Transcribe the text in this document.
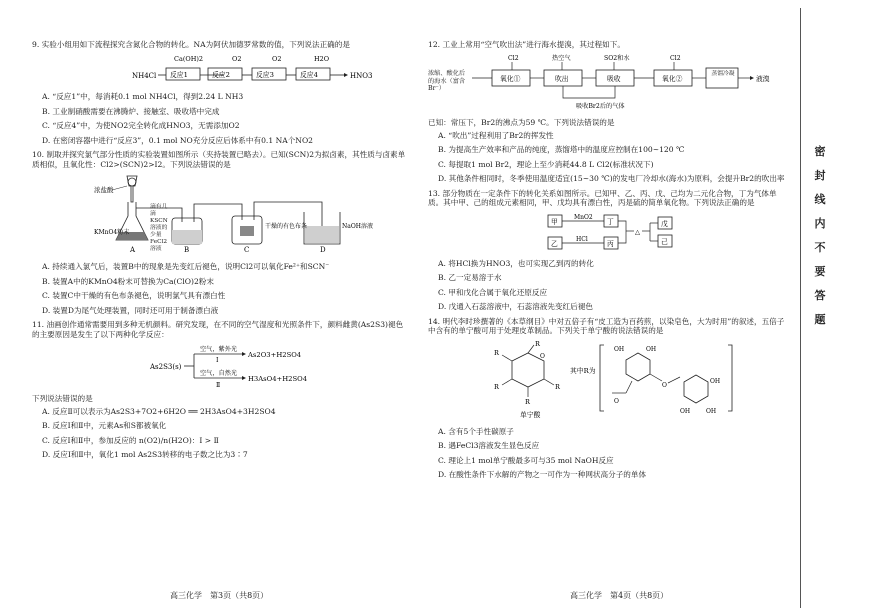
9. 实验小组用如下流程探究含氮化合物的转化。NA为阿伏加德罗常数的值，下列说法正确的是
Ca(OH)2	O2	O2	H2O
NH4Cl 反应1	反应2	反应3	反应4	HNO3
A. “反应1”中，每消耗0.1 mol NH4Cl，得到2.24 L NH3
B. 工业制硝酸需要在沸腾炉、接触室、吸收塔中完成
C. “反应4”中，为使NO2完全转化成HNO3，无需添加O2
D. 在密闭容器中进行“反应3”，0.1 mol NO充分反应后体系中有0.1 NA个NO2
10. 制取并探究氯气部分性质的实验装置如图所示（夹持装置已略去）。已知(SCN)2为拟卤素，其性质与卤素单质相似，且氧化性：Cl2>(SCN)2>I2。下列说法错误的是
浓盐酸
KMnO4粉末
A	B	C	D
NaOH溶液
干燥的有色布条
滴有几滴KSCN溶液的少量FeCl2溶液
A. 持续通入氯气后，装置B中的现象是先变红后褪色，说明Cl2可以氧化Fe²⁺和SCN⁻
B. 装置A中的KMnO4粉末可替换为Ca(ClO)2粉末
C. 装置C中干燥的有色布条褪色，说明氯气具有漂白性
D. 装置D为尾气处理装置，同时还可用于制备漂白液
11. 油画创作通常需要用到多种无机颜料。研究发现，在不同的空气湿度和光照条件下，颜料雌黄(As2S3)褪色的主要原因是发生了以下两种化学反应：
As2S3(s)
空气，紫外光
Ⅰ
As2O3+H2SO4
空气，自然光
Ⅱ
H3AsO4+H2SO4
下列说法错误的是
A. 反应Ⅱ可以表示为As2S3+7O2+6H2O ══ 2H3AsO4+3H2SO4
B. 反应Ⅰ和Ⅱ中，元素As和S都被氧化
C. 反应Ⅰ和Ⅱ中，参加反应的 n(O2)/n(H2O)：Ⅰ > Ⅱ
D. 反应Ⅰ和Ⅱ中，氧化1 mol As2S3转移的电子数之比为3∶7
12. 工业上常用“空气吹出法”进行海水提溴，其过程如下。
浓缩、酸化后的海水（富含Br⁻）
Cl2	热空气	SO2和水	Cl2
氧化①	吹出	吸收	氧化②	液溴
吸收Br2后的气体
蒸馏冷凝
已知：常压下，Br2的沸点为59 ℃。下列说法错误的是
A. “吹出”过程利用了Br2的挥发性
B. 为提高生产效率和产品的纯度，蒸馏塔中的温度应控制在100~120 ℃
C. 每提取1 mol Br2，理论上至少消耗44.8 L Cl2(标准状况下)
D. 其他条件相同时，冬季使用温度适宜(15~30 ℃)的发电厂冷却水(海水)为原料，会提升Br2的吹出率
13. 部分物质在一定条件下的转化关系如图所示。已知甲、乙、丙、戊、己均为二元化合物，丁为气体单质。其中甲、己的组成元素相同，甲、戊均具有漂白性，丙是硫的简单氧化物。下列说法正确的是
甲
乙
MnO2
HCl
丁
丙
△
戊
己
A. 将HCl换为HNO3，也可实现乙到丙的转化
B. 乙一定易溶于水
C. 甲和戊化合属于氧化还原反应
D. 戊通入石蕊溶液中，石蕊溶液先变红后褪色
14. 明代李时珍撰著的《本草纲目》中对五倍子有“皮工造为百药煎，以染皂色，大为时用”的叙述，五倍子中含有的单宁酸可用于处理皮革制品。下列关于单宁酸的说法错误的是
O
R
R
R
R
R
单宁酸
其中R为
OH	OH
O
O
OH
OH	OH
A. 含有5个手性碳原子
B. 遇FeCl3溶液发生显色反应
C. 理论上1 mol单宁酸最多可与35 mol NaOH反应
D. 在酸性条件下水解的产物之一可作为一种网状高分子的单体
高三化学　第3页（共8页）	高三化学　第4页（共8页）
密
封
线
内
不
要
答
题
